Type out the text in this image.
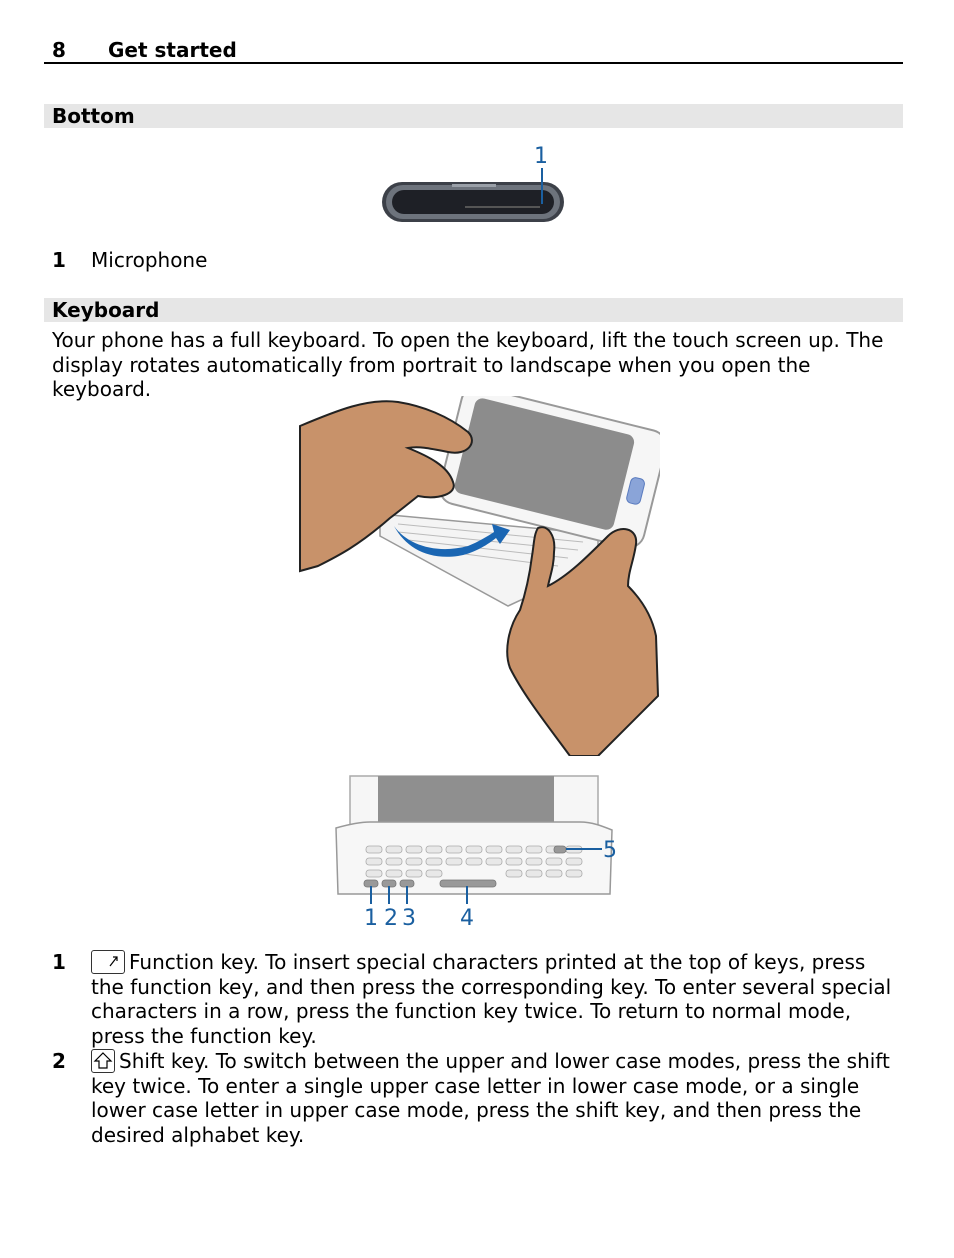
8 Get started
Bottom
1
1 Microphone
Keyboard
Your phone has a full keyboard. To open the keyboard, lift the touch screen up. The display rotates automatically from portrait to landscape when you open the keyboard.
1 2 3 4
5
1	Function key. To insert special characters printed at the top of keys, press the function key, and then press the corresponding key. To enter several special characters in a row, press the function key twice. To return to normal mode, press the function key.
2	Shift key. To switch between the upper and lower case modes, press the shift key twice. To enter a single upper case letter in lower case mode, or a single lower case letter in upper case mode, press the shift key, and then press the desired alphabet key.
